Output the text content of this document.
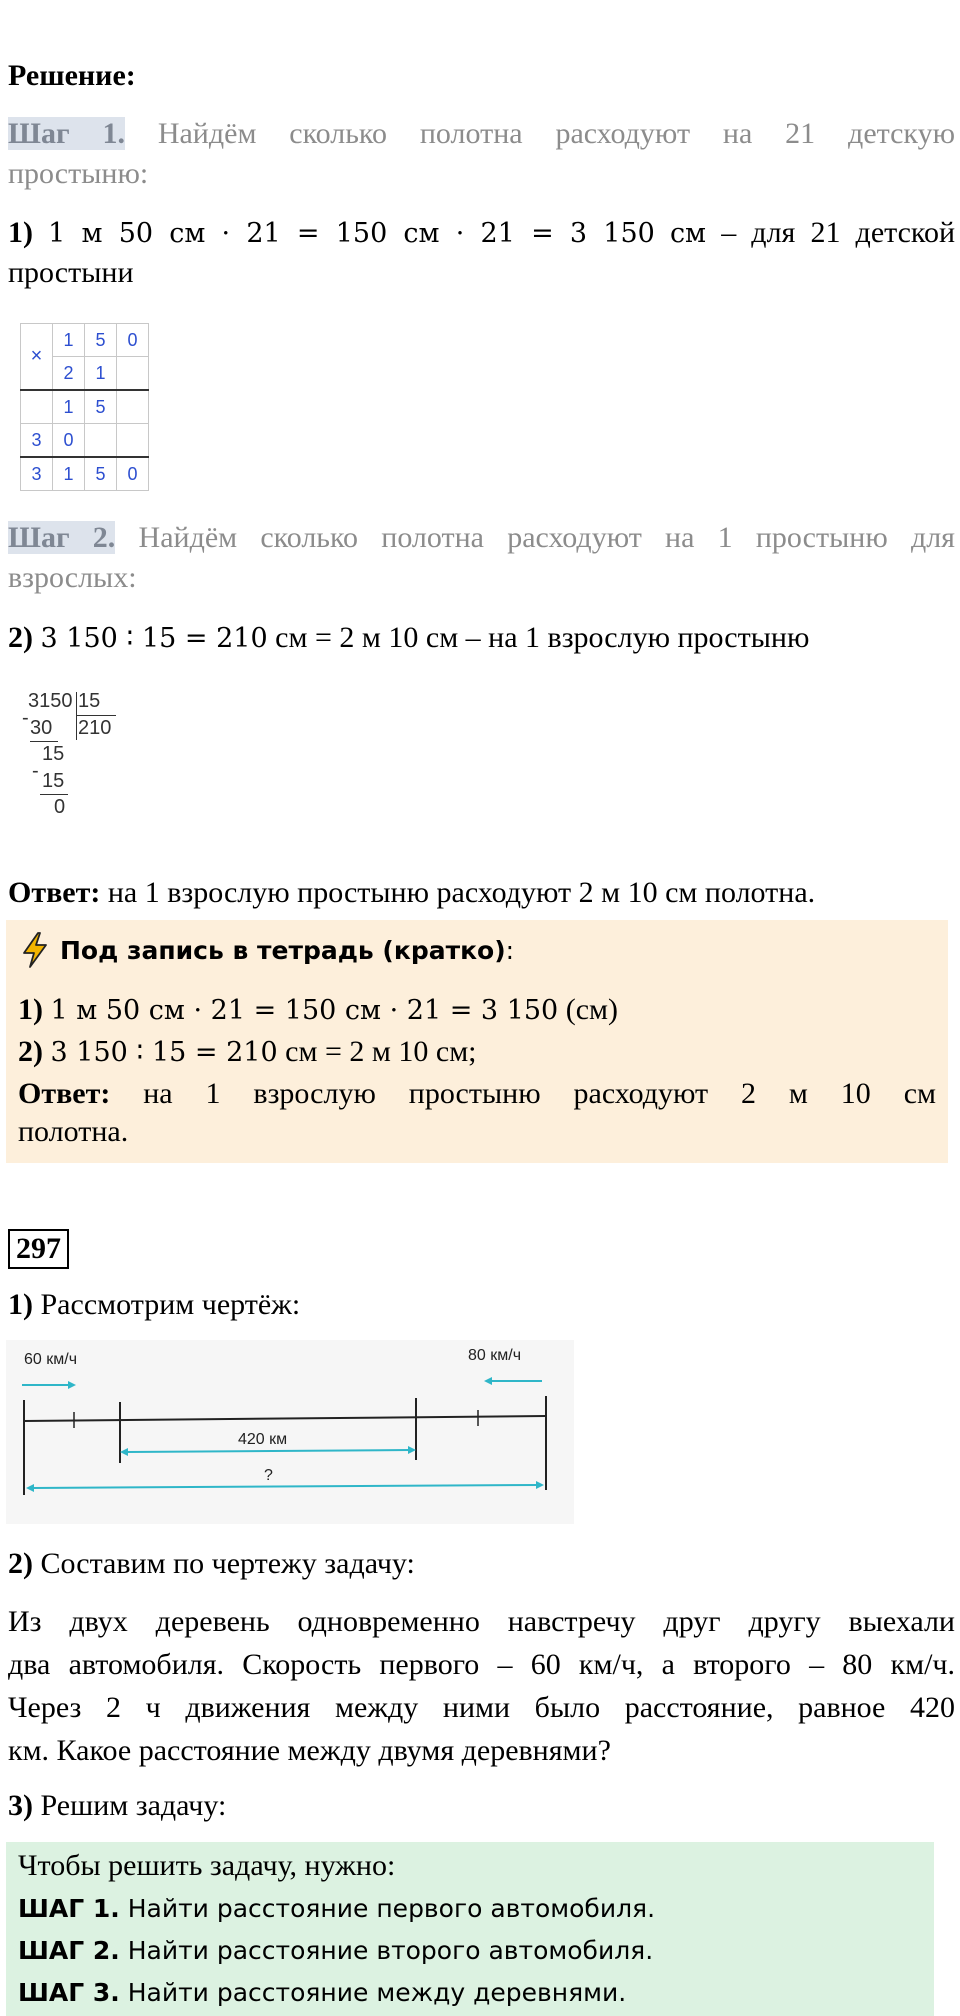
Решение:
Шаг 1. Найдём сколько полотна расходуют на 21 детскую
простыню:
1) 1 м 50 см · 21 = 150 см · 21 = 3 150 см – для 21 детской
простыни
×	1	5	0
	2	1	
	1	5	
3	0		
3	1	5	0
Шаг 2. Найдём сколько полотна расходуют на 1 простыню для
взрослых:
2) 3 150 ∶ 15 = 210 см = 2 м 10 см – на 1 взрослую простыню
3150 15
210
- 30
15
- 15
0
Ответ: на 1 взрослую простыню расходуют 2 м 10 см полотна.
Под запись в тетрадь (кратко) :
1) 1 м 50 см · 21 = 150 см · 21 = 3 150 (см)
2) 3 150 ∶ 15 = 210 см = 2 м 10 см;
Ответ: на 1 взрослую простыню расходуют 2 м 10 см
полотна.
297
1) Рассмотрим чертёж:
60 км/ч	80 км/ч
420 км
?
2) Составим по чертежу задачу:
Из двух деревень одновременно навстречу друг другу выехали
два автомобиля. Скорость первого – 60 км/ч, а второго – 80 км/ч.
Через 2 ч движения между ними было расстояние, равное 420
км. Какое расстояние между двумя деревнями?
3) Решим задачу:
Чтобы решить задачу, нужно:
ШАГ 1. Найти расстояние первого автомобиля.
ШАГ 2. Найти расстояние второго автомобиля.
ШАГ 3. Найти расстояние между деревнями.
